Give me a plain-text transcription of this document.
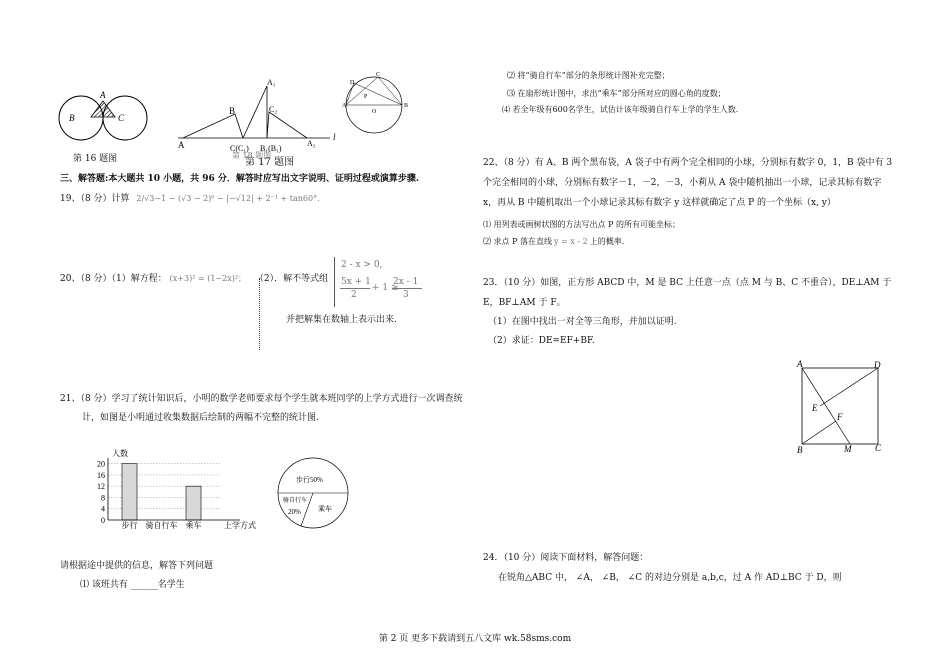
A
B	C
第 16 题图
A
B
C(C₁) B₁(B₁)
A₁
C₂
A₂
l
第 17 题图
第 18 题图
D
C
P
A
O
B
三、解答题:本大题共 10 小题，共 96 分．解答时应写出文字说明、证明过程或演算步骤.
19、（8 分）计算 2/√3−1 − (√3 − 2)⁰ − |−√12| + 2⁻¹ + tan60°.
20、（8 分）（1）解方程： (x+3)² = (1−2x)²； （2）．解不等式组
2 - x > 0,
5x + 1
2
+ 1 ≥
2x - 1
3
并把解集在数轴上表示出来.
21、（8 分）学习了统计知识后，小明的数学老师要求每个学生就本班同学的上学方式进行一次调查统
计，如图是小明通过收集数据后绘制的两幅不完整的统计图.
人数
0
4
8
12
16
20
步行 骑自行车 乘车	上学方式
步行50%
骑自行车
20% 乘车
请根据途中提供的信息，解答下列问题
⑴ 该班共有 ______名学生
⑵ 将“骑自行车”部分的条形统计图补充完整；
⑶ 在扇形统计图中，求出“乘车”部分所对应的圆心角的度数；
⑷ 若全年级有600名学生，试估计该年级骑自行车上学的学生人数.
22、（8 分）有 A、B 两个黑布袋，A 袋子中有两个完全相同的小球，分别标有数字 0，1，B 袋中有 3
个完全相同的小球，分别标有数字－1，－2，－3，小莉从 A 袋中随机抽出一小球，记录其标有数字
x，再从 B 中随机取出一个小球记录其标有数字 y 这样就确定了点 P 的一个坐标（x, y）
⑴ 用列表或画树状图的方法写出点 P 的所有可能坐标；
⑵ 求点 P 落在直线 y = x - 2 上的概率.
23．（10 分）如图，正方形 ABCD 中，M 是 BC 上任意一点（点 M 与 B、C 不重合），DE⊥AM 于
E，BF⊥AM 于 F。
（1）在图中找出一对全等三角形，并加以证明.
（2）求证：DE=EF+BF.
A	D
E
F
B	M	C
24．（10 分）阅读下面材料，解答问题：
在锐角△ABC 中， ∠A， ∠B， ∠C 的对边分别是 a,b,c，过 A 作 AD⊥BC 于 D，则
第 2 页 更多下载请到五八文库 wk.58sms.com
